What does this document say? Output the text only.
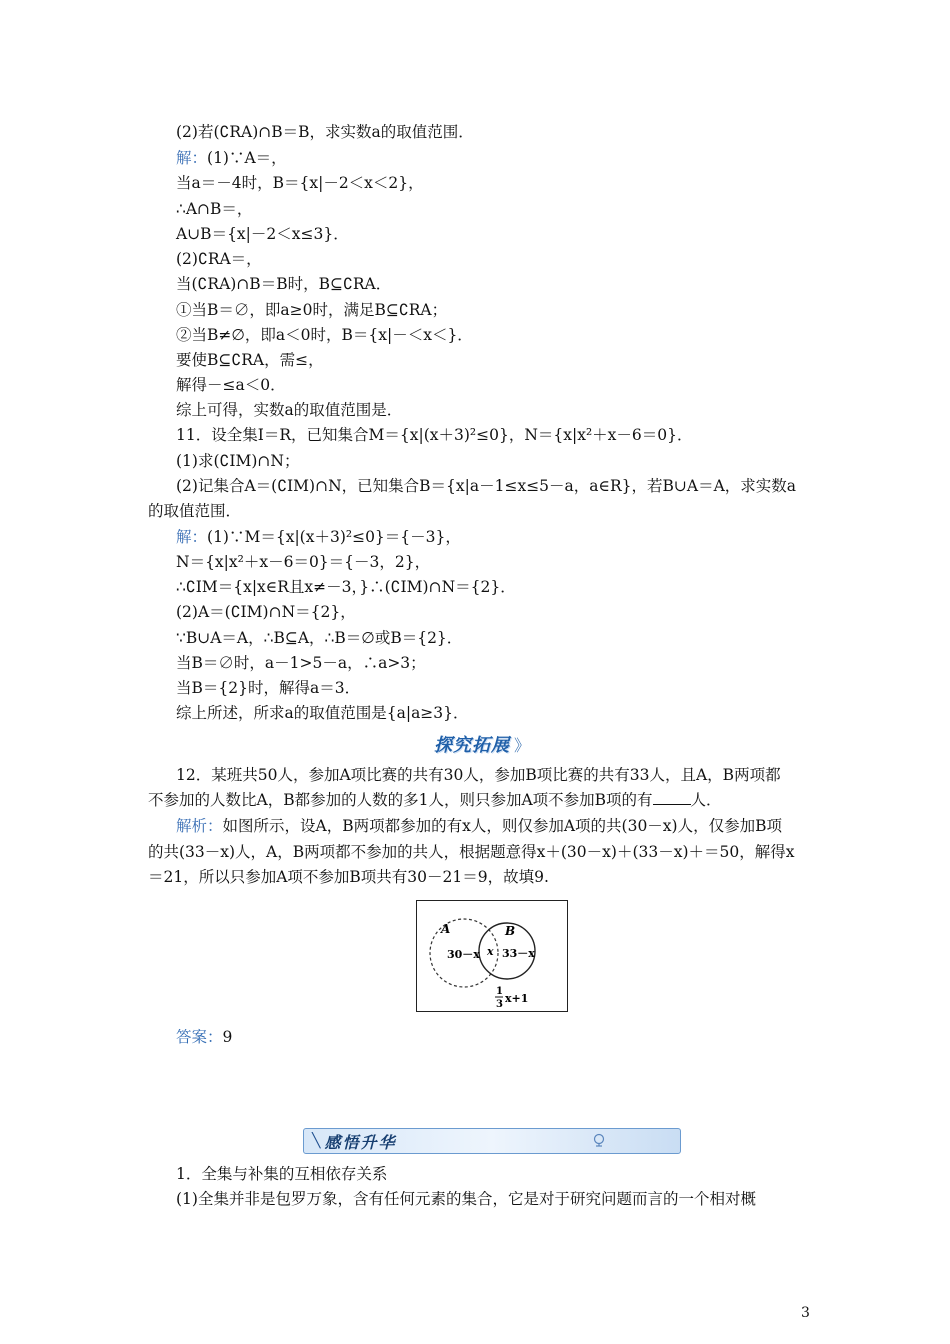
(2)若(∁RA)∩B＝B，求实数a的取值范围．
解：(1)∵A＝，
当a＝－4时，B＝{x|－2＜x＜2}，
∴A∩B＝，
A∪B＝{x|－2＜x≤3}．
(2)∁RA＝，
当(∁RA)∩B＝B时，B⊆∁RA．
①当B＝∅，即a≥0时，满足B⊆∁RA；
②当B≠∅，即a＜0时，B＝{x|－＜x＜}．
要使B⊆∁RA，需≤，
解得－≤a＜0．
综上可得，实数a的取值范围是．
11．设全集I＝R，已知集合M＝{x|(x＋3)²≤0}，N＝{x|x²＋x－6＝0}．
(1)求(∁IM)∩N；
(2)记集合A＝(∁IM)∩N，已知集合B＝{x|a－1≤x≤5－a，a∈R}，若B∪A＝A，求实数a
的取值范围．
解：(1)∵M＝{x|(x＋3)²≤0}＝{－3}，
N＝{x|x²＋x－6＝0}＝{－3，2}，
∴∁IM＝{x|x∈R且x≠－3，}∴(∁IM)∩N＝{2}．
(2)A＝(∁IM)∩N＝{2}，
∵B∪A＝A，∴B⊆A，∴B＝∅或B＝{2}．
当B＝∅时，a－1>5－a，∴a>3；
当B＝{2}时，解得a＝3．
综上所述，所求a的取值范围是{a|a≥3}．
探究拓展 》
12．某班共50人，参加A项比赛的共有30人，参加B项比赛的共有33人，且A，B两项都
不参加的人数比A，B都参加的人数的多1人，则只参加A项不参加B项的有 人．
解析：如图所示，设A，B两项都参加的有x人，则仅参加A项的共(30－x)人，仅参加B项
的共(33－x)人，A，B两项都不参加的共人，根据题意得x＋(30－x)＋(33－x)＋＝50，解得x
＝21，所以只参加A项不参加B项共有30－21＝9，故填9.
A	B
30－x x 33－x
1
3 x+1
答案：9
╲ 感悟升华
1．全集与补集的互相依存关系
(1)全集并非是包罗万象，含有任何元素的集合，它是对于研究问题而言的一个相对概
3
